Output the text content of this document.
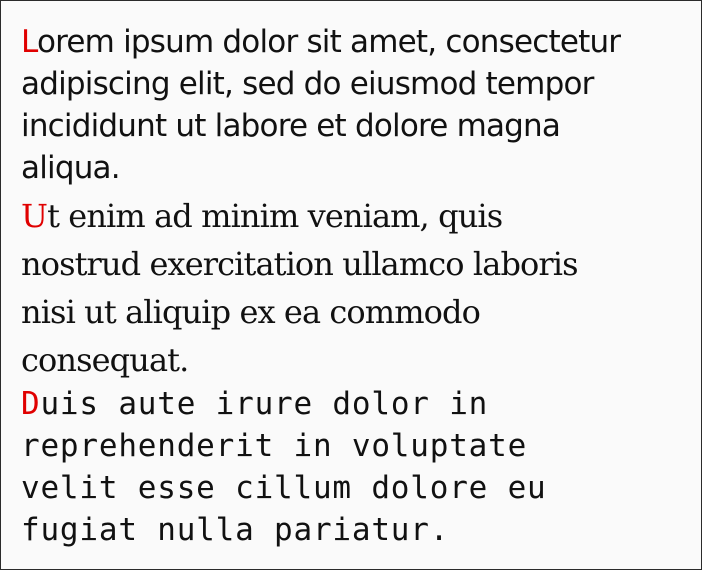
Lorem ipsum dolor sit amet, consectetur
adipiscing elit, sed do eiusmod tempor
incididunt ut labore et dolore magna
aliqua.

Ut enim ad minim veniam, quis
nostrud exercitation ullamco laboris
nisi ut aliquip ex ea commodo
consequat.

Duis aute irure dolor in
reprehenderit in voluptate
velit esse cillum dolore eu
fugiat nulla pariatur.
